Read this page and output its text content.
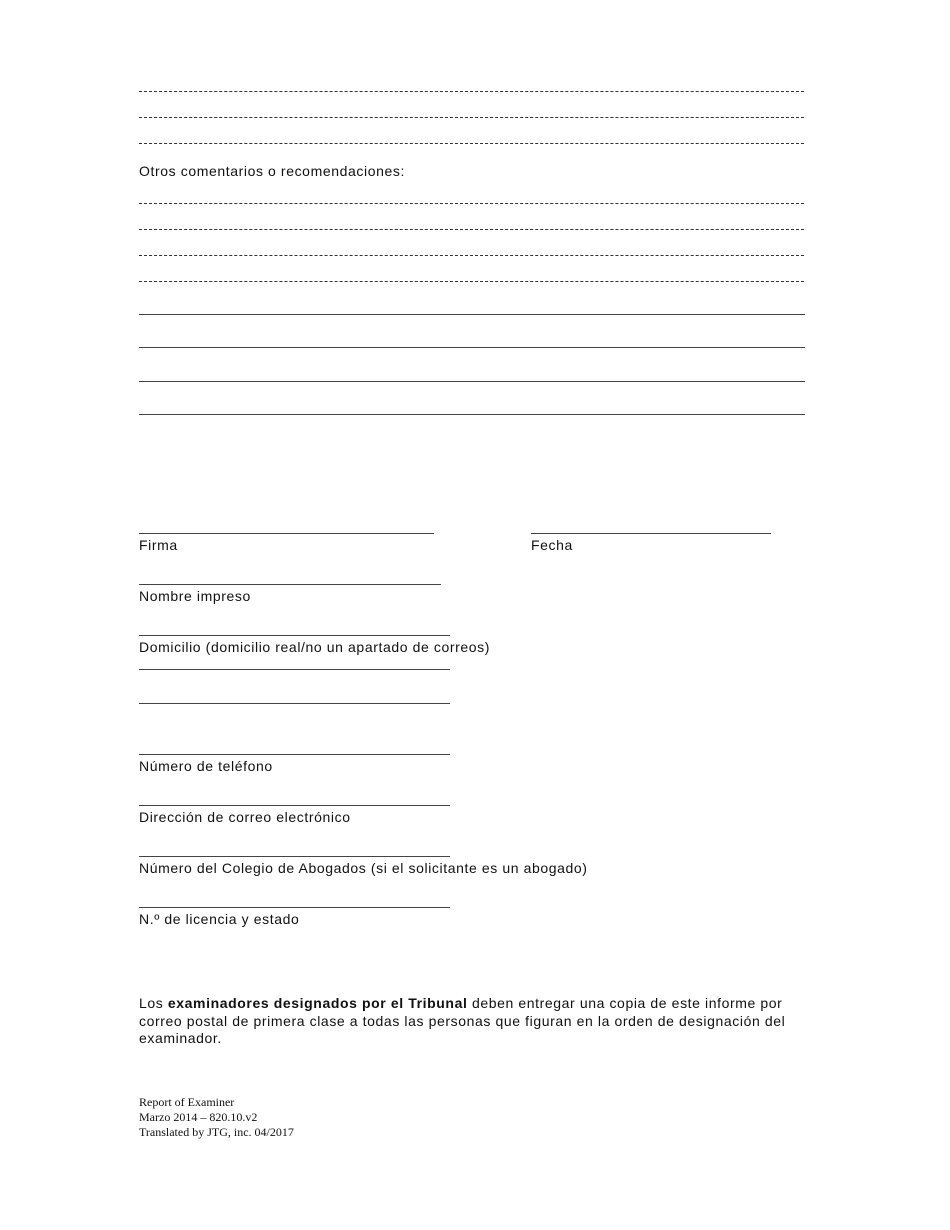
Otros comentarios o recomendaciones:
Firma	Fecha
Nombre impreso
Domicilio (domicilio real/no un apartado de correos)
Número de teléfono
Dirección de correo electrónico
Número del Colegio de Abogados (si el solicitante es un abogado)
N.º de licencia y estado
Los examinadores designados por el Tribunal deben entregar una copia de este informe por correo postal de primera clase a todas las personas que figuran en la orden de designación del examinador.
Report of Examiner
Marzo 2014 – 820.10.v2
Translated by JTG, inc. 04/2017
